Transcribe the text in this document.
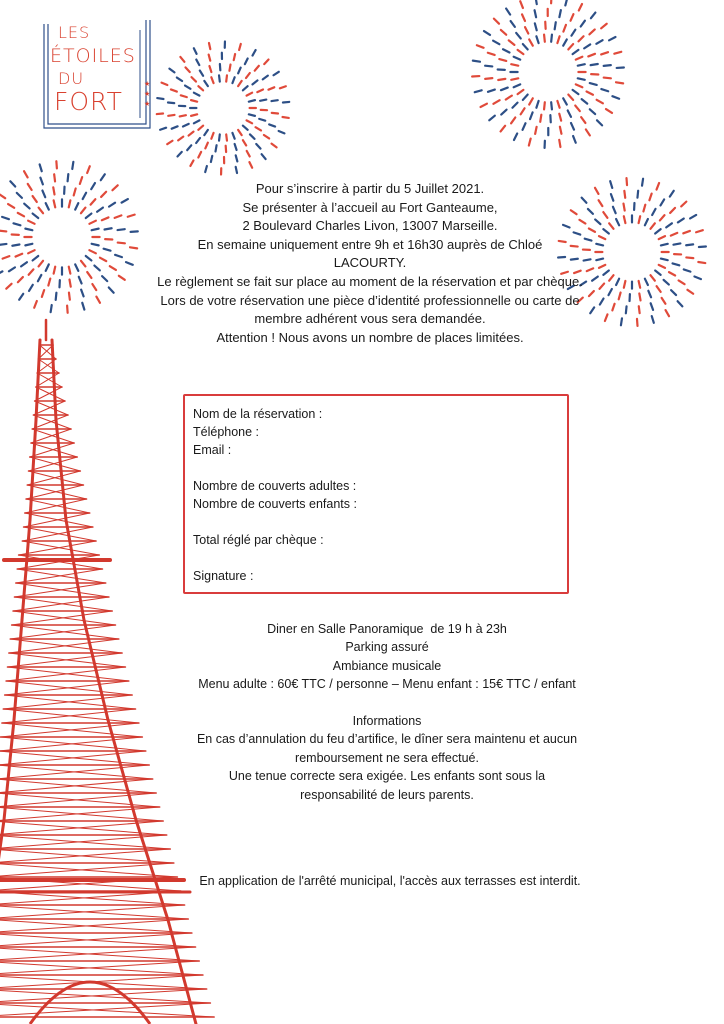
★
★
★
LES
ÉTOILES
DU
FORT
Pour s’inscrire à partir du 5 Juillet 2021.
Se présenter à l’accueil au Fort Ganteaume,
2 Boulevard Charles Livon, 13007 Marseille.
En semaine uniquement entre 9h et 16h30 auprès de Chloé LACOURTY.
Le règlement se fait sur place au moment de la réservation et par chèque.
Lors de votre réservation une pièce d’identité professionnelle ou carte de membre adhérent vous sera demandée.
Attention ! Nous avons un nombre de places limitées.
Nom de la réservation :
Téléphone :
Email :
Nombre de couverts adultes :
Nombre de couverts enfants :
Total réglé par chèque :
Signature :
Diner en Salle Panoramique  de 19 h à 23h
Parking assuré
Ambiance musicale
Menu adulte : 60€ TTC / personne – Menu enfant : 15€ TTC / enfant
Informations
En cas d’annulation du feu d’artifice, le dîner sera maintenu et aucun remboursement ne sera effectué.
Une tenue correcte sera exigée. Les enfants sont sous la responsabilité de leurs parents.
En application de l'arrêté municipal, l'accès aux terrasses est interdit.
